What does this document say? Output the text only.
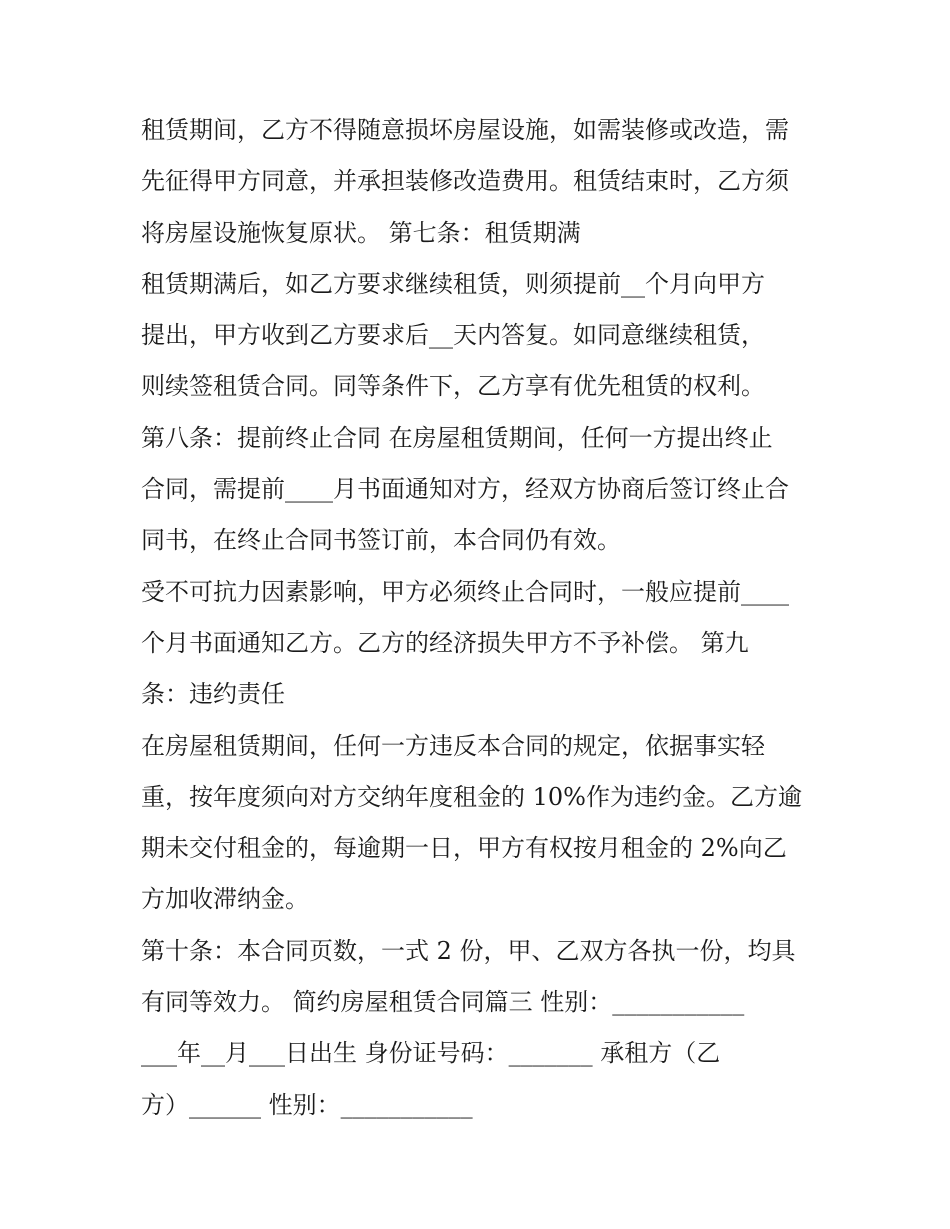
租赁期间，乙方不得随意损坏房屋设施，如需装修或改造，需
先征得甲方同意，并承担装修改造费用。租赁结束时，乙方须
将房屋设施恢复原状。 第七条：租赁期满
租赁期满后，如乙方要求继续租赁，则须提前__个月向甲方
提出，甲方收到乙方要求后__天内答复。如同意继续租赁，
则续签租赁合同。同等条件下，乙方享有优先租赁的权利。
第八条：提前终止合同 在房屋租赁期间，任何一方提出终止
合同，需提前____月书面通知对方，经双方协商后签订终止合
同书，在终止合同书签订前，本合同仍有效。
受不可抗力因素影响，甲方必须终止合同时，一般应提前____
个月书面通知乙方。乙方的经济损失甲方不予补偿。 第九
条：违约责任
在房屋租赁期间，任何一方违反本合同的规定，依据事实轻
重，按年度须向对方交纳年度租金的 10%作为违约金。乙方逾
期未交付租金的，每逾期一日，甲方有权按月租金的 2%向乙
方加收滞纳金。
第十条：本合同页数，一式 2 份，甲、乙双方各执一份，均具
有同等效力。 简约房屋租赁合同篇三 性别：___________
___年__月___日出生 身份证号码：_______ 承租方（乙
方）______ 性别：___________
